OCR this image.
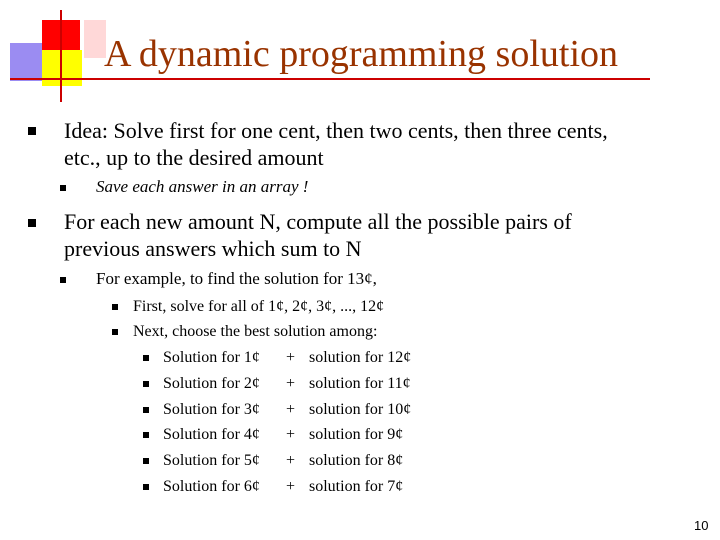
A dynamic programming solution
Idea: Solve first for one cent, then two cents, then three cents,
etc., up to the desired amount
Save each answer in an array !
For each new amount N, compute all the possible pairs of
previous answers which sum to N
For example, to find the solution for 13¢,
First, solve for all of 1¢, 2¢, 3¢, ..., 12¢
Next, choose the best solution among:
Solution for 1¢ + solution for 12¢
Solution for 2¢ + solution for 11¢
Solution for 3¢ + solution for 10¢
Solution for 4¢ + solution for 9¢
Solution for 5¢ + solution for 8¢
Solution for 6¢ + solution for 7¢
10
